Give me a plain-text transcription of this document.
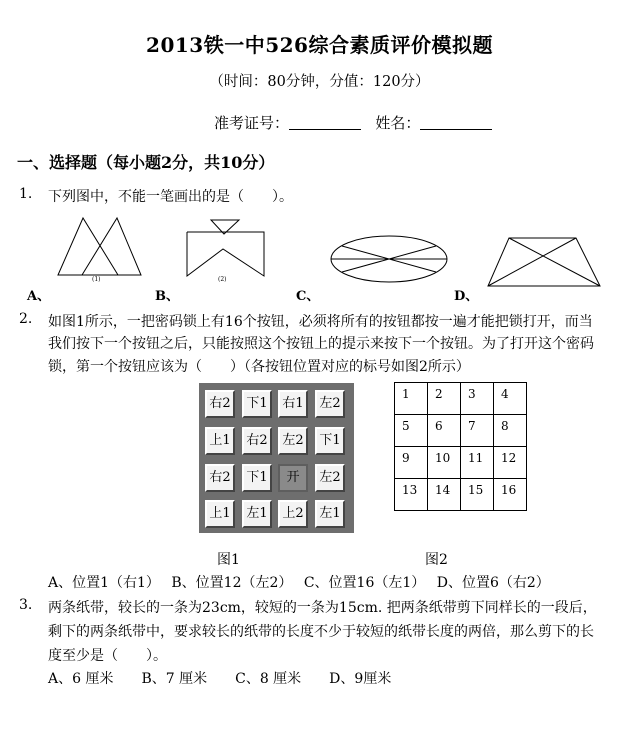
2013铁一中526综合素质评价模拟题
（时间：80分钟，分值：120分）
准考证号：	姓名：
一、选择题（每小题2分，共10分）
1. 下列图中，不能一笔画出的是（　　）。
(1)	(2)
A、	B、	C、	D、
2. 如图1所示，一把密码锁上有16个按钮，必须将所有的按钮都按一遍才能把锁打开，而当
我们按下一个按钮之后，只能按照这个按钮上的提示来按下一个按钮。为了打开这个密码
锁，第一个按钮应该为（　　）（各按钮位置对应的标号如图2所示）
右2	下1	右1	左2
上1	右2	左2	下1
右2	下1	开	左2
上1	左1	上2	左1
1	2	3	4
5	6	7	8
9	10	11	12
13	14	15	16
图1	图2
A、位置1（右1）　 B、位置12（左2）　 C、位置16（左1）　 D、位置6（右2）
3. 两条纸带，较长的一条为23cm，较短的一条为15cm. 把两条纸带剪下同样长的一段后，
剩下的两条纸带中，要求较长的纸带的长度不少于较短的纸带长度的两倍，那么剪下的长
度至少是（　　）。
A、6 厘米　　B、7 厘米　　C、8 厘米　　D、9厘米
